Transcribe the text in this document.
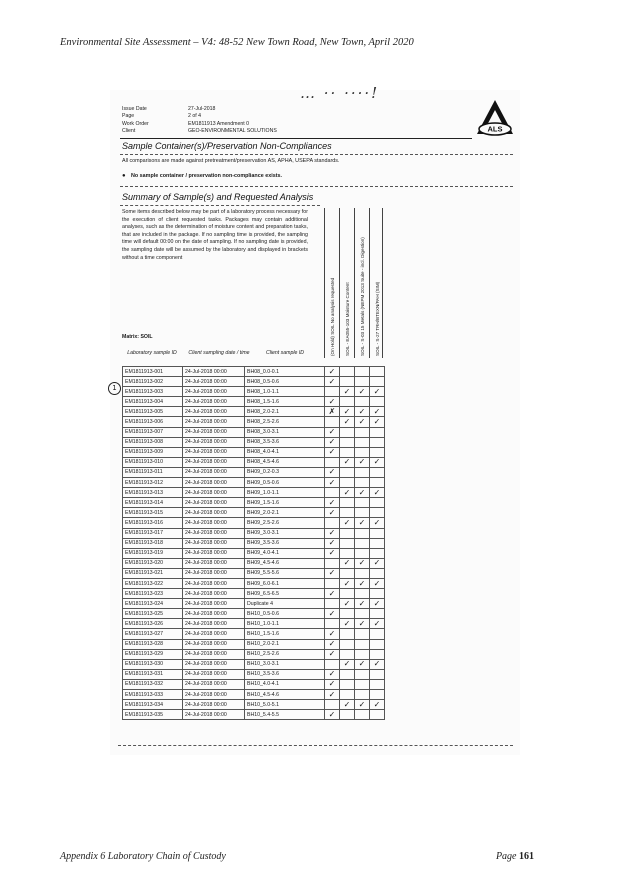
Environmental Site Assessment – V4: 48-52 New Town Road, New Town, April 2020
… ·· ····!
Issue Date	27-Jul-2018
Page	2 of 4
Work Order	EM1811913 Amendment 0
Client	GEO-ENVIRONMENTAL SOLUTIONS	ALS
Sample Container(s)/Preservation Non-Compliances
All comparisons are made against pretreatment/preservation AS, APHA, USEPA standards.
● No sample container / preservation non-compliance exists.
Summary of Sample(s) and Requested Analysis
Some items described below may be part of a laboratory process necessary for the execution of client requested tasks. Packages may contain additional analyses, such as the determination of moisture content and preparation tasks, that are included in the package. If no sampling time is provided, the sampling time will default 00:00 on the date of sampling. If no sampling date is provided, the sampling date will be assumed by the laboratory and displayed in brackets without a time component
Matrix: SOIL	(On Hold) SOIL No analysis requested SOIL - EA055-103 Moisture Content SOIL - S-03 15 Metals (NEPM 2013 Suite - incl. Digestion) SOIL - S-27 TRH/BTEXN/PAH (SIM)
Laboratory sample ID	Client sampling date / time	Client sample ID
1
EM1811913-001	24-Jul-2018 00:00	BH08_0.0-0.1	✓			
EM1811913-002	24-Jul-2018 00:00	BH08_0.5-0.6	✓			
EM1811913-003	24-Jul-2018 00:00	BH08_1.0-1.1		✓	✓	✓
EM1811913-004	24-Jul-2018 00:00	BH08_1.5-1.6	✓			
EM1811913-005	24-Jul-2018 00:00	BH08_2.0-2.1	✗	✓	✓	✓
EM1811913-006	24-Jul-2018 00:00	BH08_2.5-2.6		✓	✓	✓
EM1811913-007	24-Jul-2018 00:00	BH08_3.0-3.1	✓			
EM1811913-008	24-Jul-2018 00:00	BH08_3.5-3.6	✓			
EM1811913-009	24-Jul-2018 00:00	BH08_4.0-4.1	✓			
EM1811913-010	24-Jul-2018 00:00	BH08_4.5-4.6		✓	✓	✓
EM1811913-011	24-Jul-2018 00:00	BH09_0.2-0.3	✓			
EM1811913-012	24-Jul-2018 00:00	BH09_0.5-0.6	✓			
EM1811913-013	24-Jul-2018 00:00	BH09_1.0-1.1		✓	✓	✓
EM1811913-014	24-Jul-2018 00:00	BH09_1.5-1.6	✓			
EM1811913-015	24-Jul-2018 00:00	BH09_2.0-2.1	✓			
EM1811913-016	24-Jul-2018 00:00	BH09_2.5-2.6		✓	✓	✓
EM1811913-017	24-Jul-2018 00:00	BH09_3.0-3.1	✓			
EM1811913-018	24-Jul-2018 00:00	BH09_3.5-3.6	✓			
EM1811913-019	24-Jul-2018 00:00	BH09_4.0-4.1	✓			
EM1811913-020	24-Jul-2018 00:00	BH09_4.5-4.6		✓	✓	✓
EM1811913-021	24-Jul-2018 00:00	BH09_5.5-5.6	✓			
EM1811913-022	24-Jul-2018 00:00	BH09_6.0-6.1		✓	✓	✓
EM1811913-023	24-Jul-2018 00:00	BH09_6.5-6.5	✓			
EM1811913-024	24-Jul-2018 00:00	Duplicate 4		✓	✓	✓
EM1811913-025	24-Jul-2018 00:00	BH10_0.5-0.6	✓			
EM1811913-026	24-Jul-2018 00:00	BH10_1.0-1.1		✓	✓	✓
EM1811913-027	24-Jul-2018 00:00	BH10_1.5-1.6	✓			
EM1811913-028	24-Jul-2018 00:00	BH10_2.0-2.1	✓			
EM1811913-029	24-Jul-2018 00:00	BH10_2.5-2.6	✓			
EM1811913-030	24-Jul-2018 00:00	BH10_3.0-3.1		✓	✓	✓
EM1811913-031	24-Jul-2018 00:00	BH10_3.5-3.6	✓			
EM1811913-032	24-Jul-2018 00:00	BH10_4.0-4.1	✓			
EM1811913-033	24-Jul-2018 00:00	BH10_4.5-4.6	✓			
EM1811913-034	24-Jul-2018 00:00	BH10_5.0-5.1		✓	✓	✓
EM1811913-035	24-Jul-2018 00:00	BH10_5.4-5.5	✓			
Appendix 6 Laboratory Chain of Custody	Page 161
